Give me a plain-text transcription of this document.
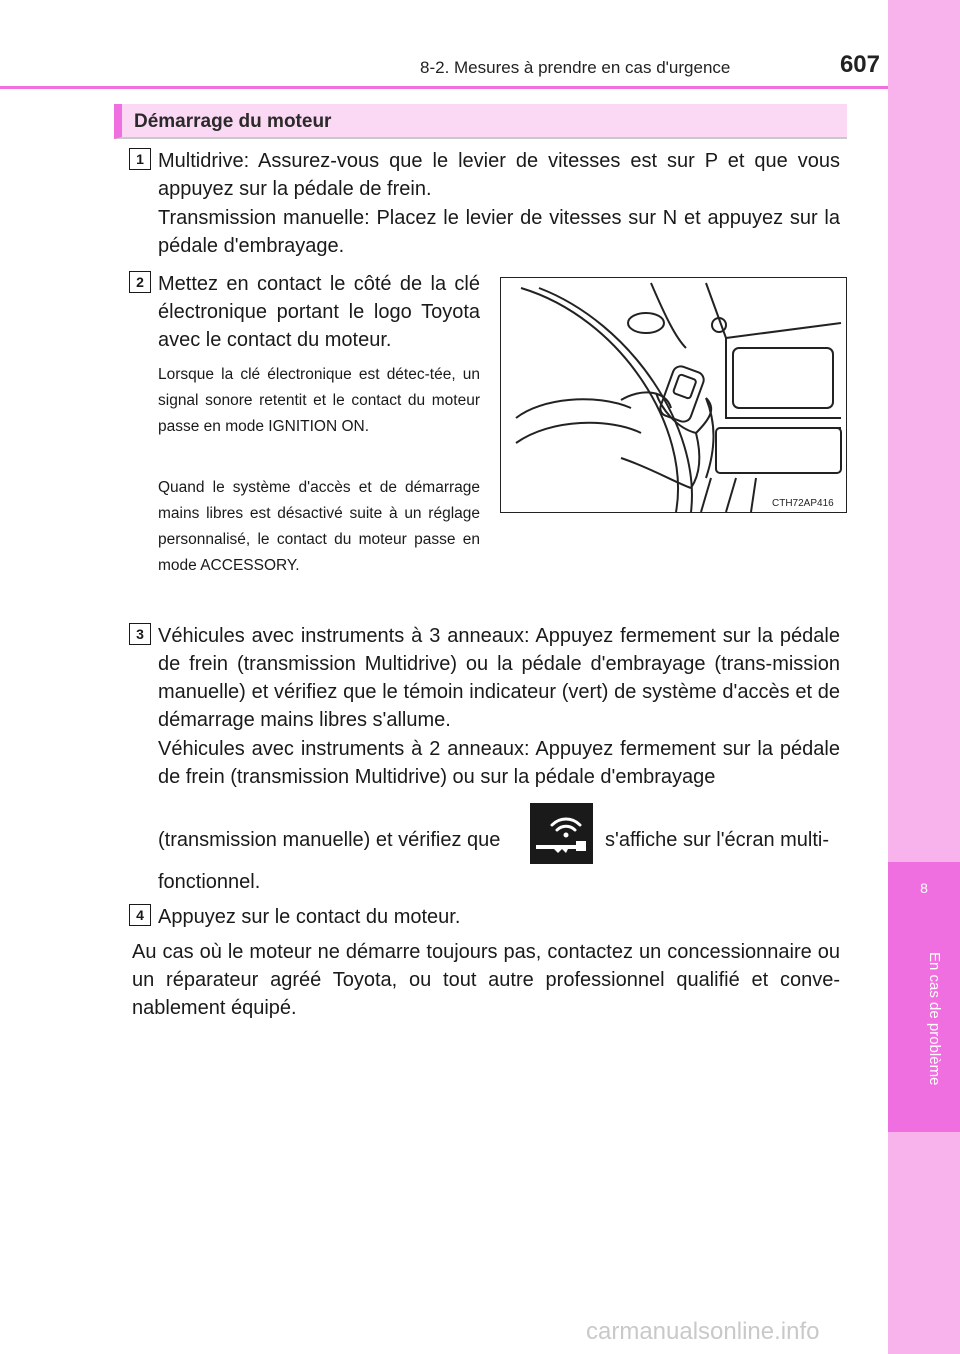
8
En cas de problème
8-2. Mesures à prendre en cas d'urgence	607
Démarrage du moteur
1 Multidrive: Assurez-vous que le levier de vitesses est sur P et que vous appuyez sur la pédale de frein.
Transmission manuelle: Placez le levier de vitesses sur N et appuyez sur la pédale d'embrayage.
2 Mettez en contact le côté de la clé électronique portant le logo Toyota avec le contact du moteur.
Lorsque la clé électronique est détec-tée, un signal sonore retentit et le contact du moteur passe en mode IGNITION ON.
Quand le système d'accès et de démarrage mains libres est désactivé suite à un réglage personnalisé, le contact du moteur passe en mode ACCESSORY.
CTH72AP416
3 Véhicules avec instruments à 3 anneaux: Appuyez fermement sur la pédale de frein (transmission Multidrive) ou la pédale d'embrayage (trans-mission manuelle) et vérifiez que le témoin indicateur (vert) de système d'accès et de démarrage mains libres s'allume.
Véhicules avec instruments à 2 anneaux: Appuyez fermement sur la pédale de frein (transmission Multidrive) ou sur la pédale d'embrayage
(transmission manuelle) et vérifiez que	s'affiche sur l'écran multi-
fonctionnel.
4 Appuyez sur le contact du moteur.
Au cas où le moteur ne démarre toujours pas, contactez un concessionnaire ou un réparateur agréé Toyota, ou tout autre professionnel qualifié et conve-nablement équipé.
carmanualsonline.info
